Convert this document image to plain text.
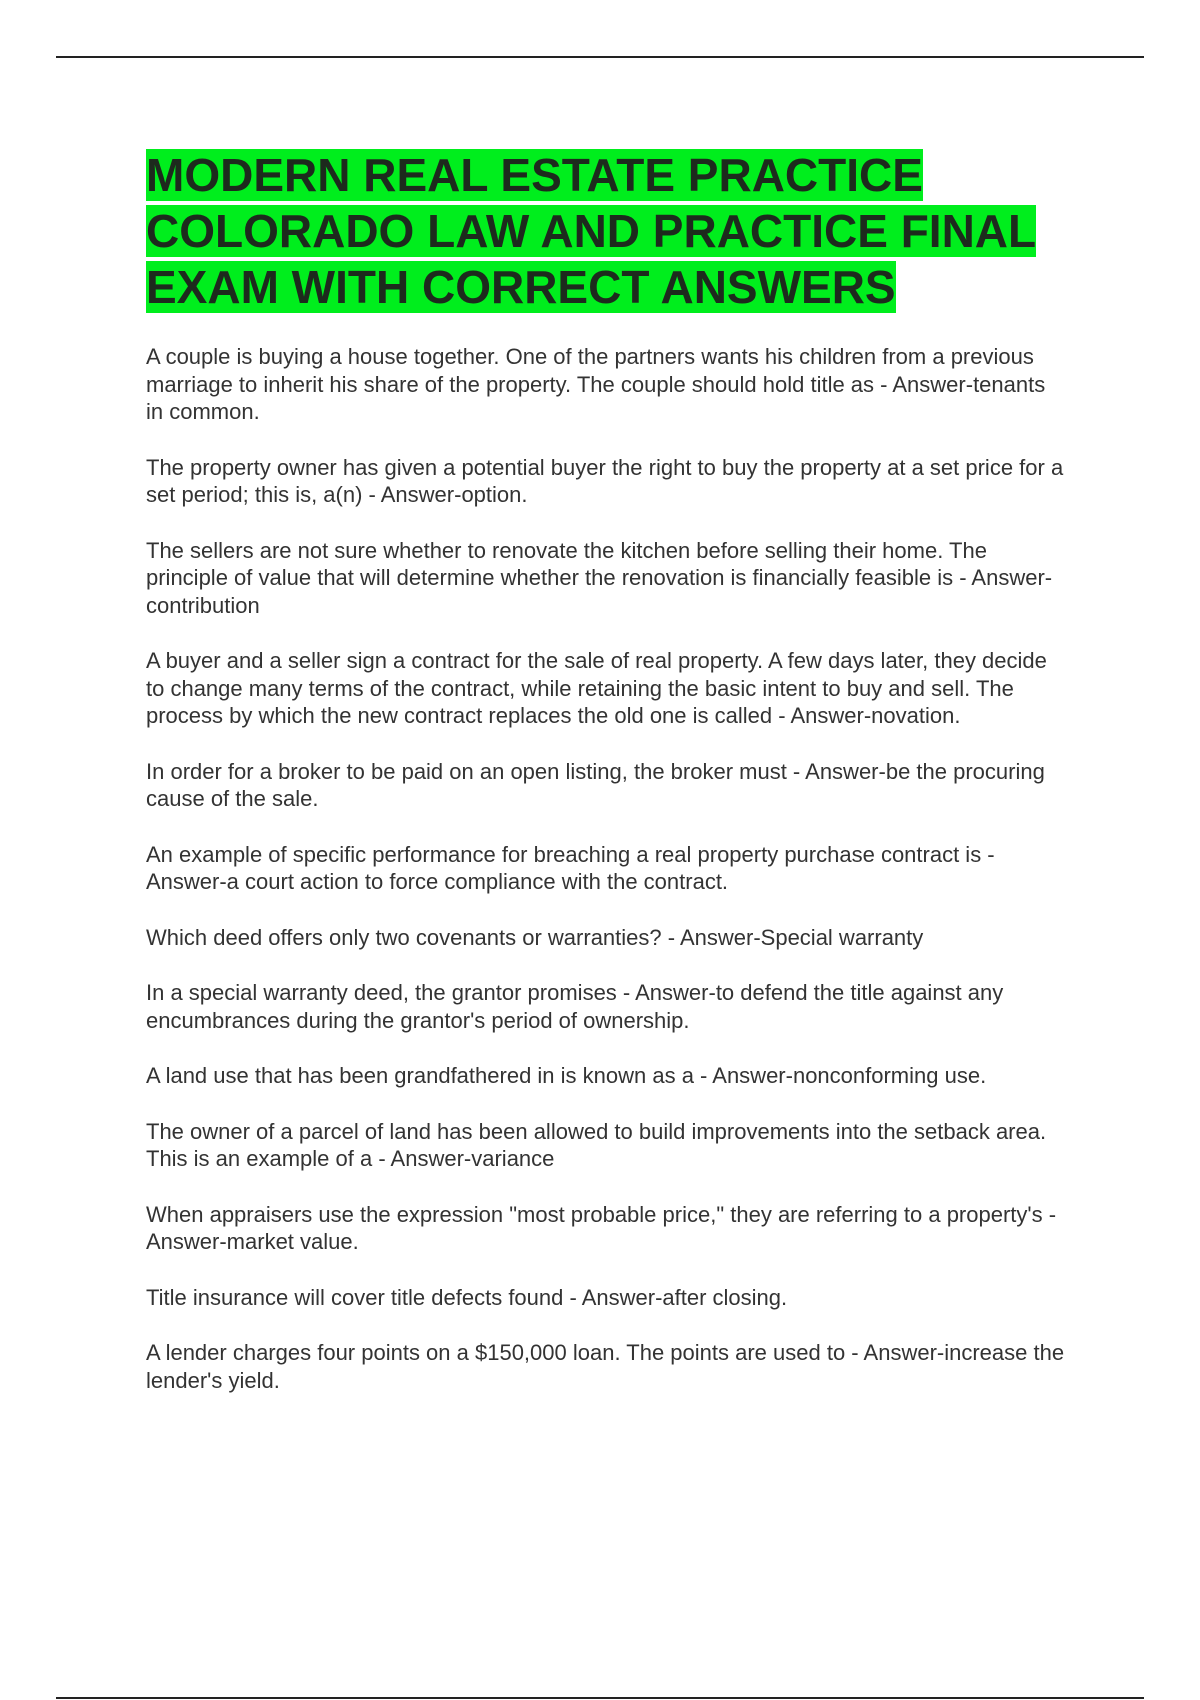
MODERN REAL ESTATE PRACTICE COLORADO LAW AND PRACTICE FINAL EXAM WITH CORRECT ANSWERS
A couple is buying a house together. One of the partners wants his children from a previous marriage to inherit his share of the property. The couple should hold title as - Answer-tenants in common.
The property owner has given a potential buyer the right to buy the property at a set price for a set period; this is, a(n) - Answer-option.
The sellers are not sure whether to renovate the kitchen before selling their home. The principle of value that will determine whether the renovation is financially feasible is - Answer-contribution
A buyer and a seller sign a contract for the sale of real property. A few days later, they decide to change many terms of the contract, while retaining the basic intent to buy and sell. The process by which the new contract replaces the old one is called - Answer-novation.
In order for a broker to be paid on an open listing, the broker must - Answer-be the procuring cause of the sale.
An example of specific performance for breaching a real property purchase contract is - Answer-a court action to force compliance with the contract.
Which deed offers only two covenants or warranties? - Answer-Special warranty
In a special warranty deed, the grantor promises - Answer-to defend the title against any encumbrances during the grantor's period of ownership.
A land use that has been grandfathered in is known as a - Answer-nonconforming use.
The owner of a parcel of land has been allowed to build improvements into the setback area. This is an example of a - Answer-variance
When appraisers use the expression "most probable price," they are referring to a property's - Answer-market value.
Title insurance will cover title defects found - Answer-after closing.
A lender charges four points on a $150,000 loan. The points are used to - Answer-increase the lender's yield.
